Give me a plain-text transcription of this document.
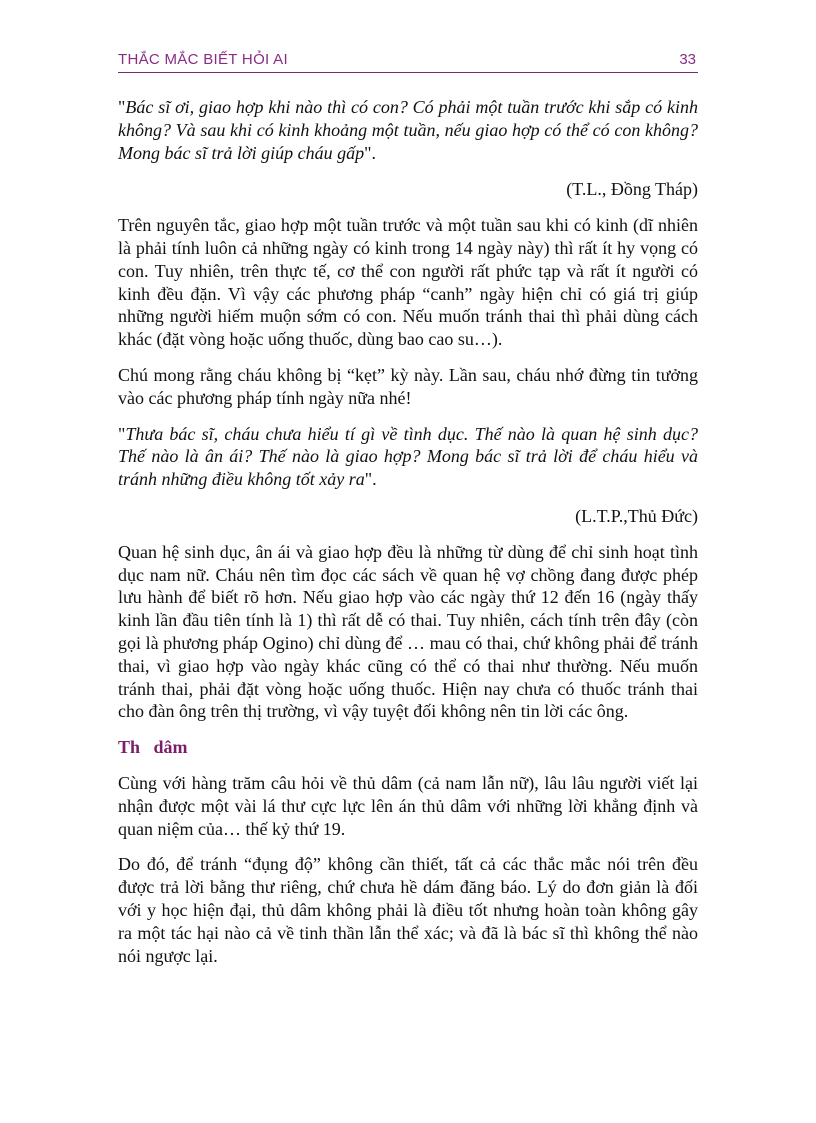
THẮC MẮC BIẾT HỎI AI	33

"Bác sĩ ơi, giao hợp khi nào thì có con? Có phải một tuần trước khi sắp có kinh không? Và sau khi có kinh khoảng một tuần, nếu giao hợp có thể có con không? Mong bác sĩ trả lời giúp cháu gấp".

(T.L., Đồng Tháp)

Trên nguyên tắc, giao hợp một tuần trước và một tuần sau khi có kinh (dĩ nhiên là phải tính luôn cả những ngày có kinh trong 14 ngày này) thì rất ít hy vọng có con. Tuy nhiên, trên thực tế, cơ thể con người rất phức tạp và rất ít người có kinh đều đặn. Vì vậy các phương pháp “canh” ngày hiện chỉ có giá trị giúp những người hiếm muộn sớm có con. Nếu muốn tránh thai thì phải dùng cách khác (đặt vòng hoặc uống thuốc, dùng bao cao su…).

Chú mong rằng cháu không bị “kẹt” kỳ này. Lần sau, cháu nhớ đừng tin tưởng vào các phương pháp tính ngày nữa nhé!

"Thưa bác sĩ, cháu chưa hiểu tí gì về tình dục. Thế nào là quan hệ sinh dục? Thế nào là ân ái? Thế nào là giao hợp? Mong bác sĩ trả lời để cháu hiểu và tránh những điều không tốt xảy ra".

(L.T.P.,Thủ Đức)

Quan hệ sinh dục, ân ái và giao hợp đều là những từ dùng để chỉ sinh hoạt tình dục nam nữ. Cháu nên tìm đọc các sách về quan hệ vợ chồng đang được phép lưu hành để biết rõ hơn. Nếu giao hợp vào các ngày thứ 12 đến 16 (ngày thấy kinh lần đầu tiên tính là 1) thì rất dễ có thai. Tuy nhiên, cách tính trên đây (còn gọi là phương pháp Ogino) chỉ dùng để … mau có thai, chứ không phải để tránh thai, vì giao hợp vào ngày khác cũng có thể có thai như thường. Nếu muốn tránh thai, phải đặt vòng hoặc uống thuốc. Hiện nay chưa có thuốc tránh thai cho đàn ông trên thị trường, vì vậy tuyệt đối không nên tin lời các ông.

Th   dâm

Cùng với hàng trăm câu hỏi về thủ dâm (cả nam lẫn nữ), lâu lâu người viết lại nhận được một vài lá thư cực lực lên án thủ dâm với những lời khẳng định và quan niệm của… thế kỷ thứ 19.

Do đó, để tránh “đụng độ” không cần thiết, tất cả các thắc mắc nói trên đều được trả lời bằng thư riêng, chứ chưa hề dám đăng báo. Lý do đơn giản là đối với y học hiện đại, thủ dâm không phải là điều tốt nhưng hoàn toàn không gây ra một tác hại nào cả về tinh thần lẫn thể xác; và đã là bác sĩ thì không thể nào nói ngược lại.
